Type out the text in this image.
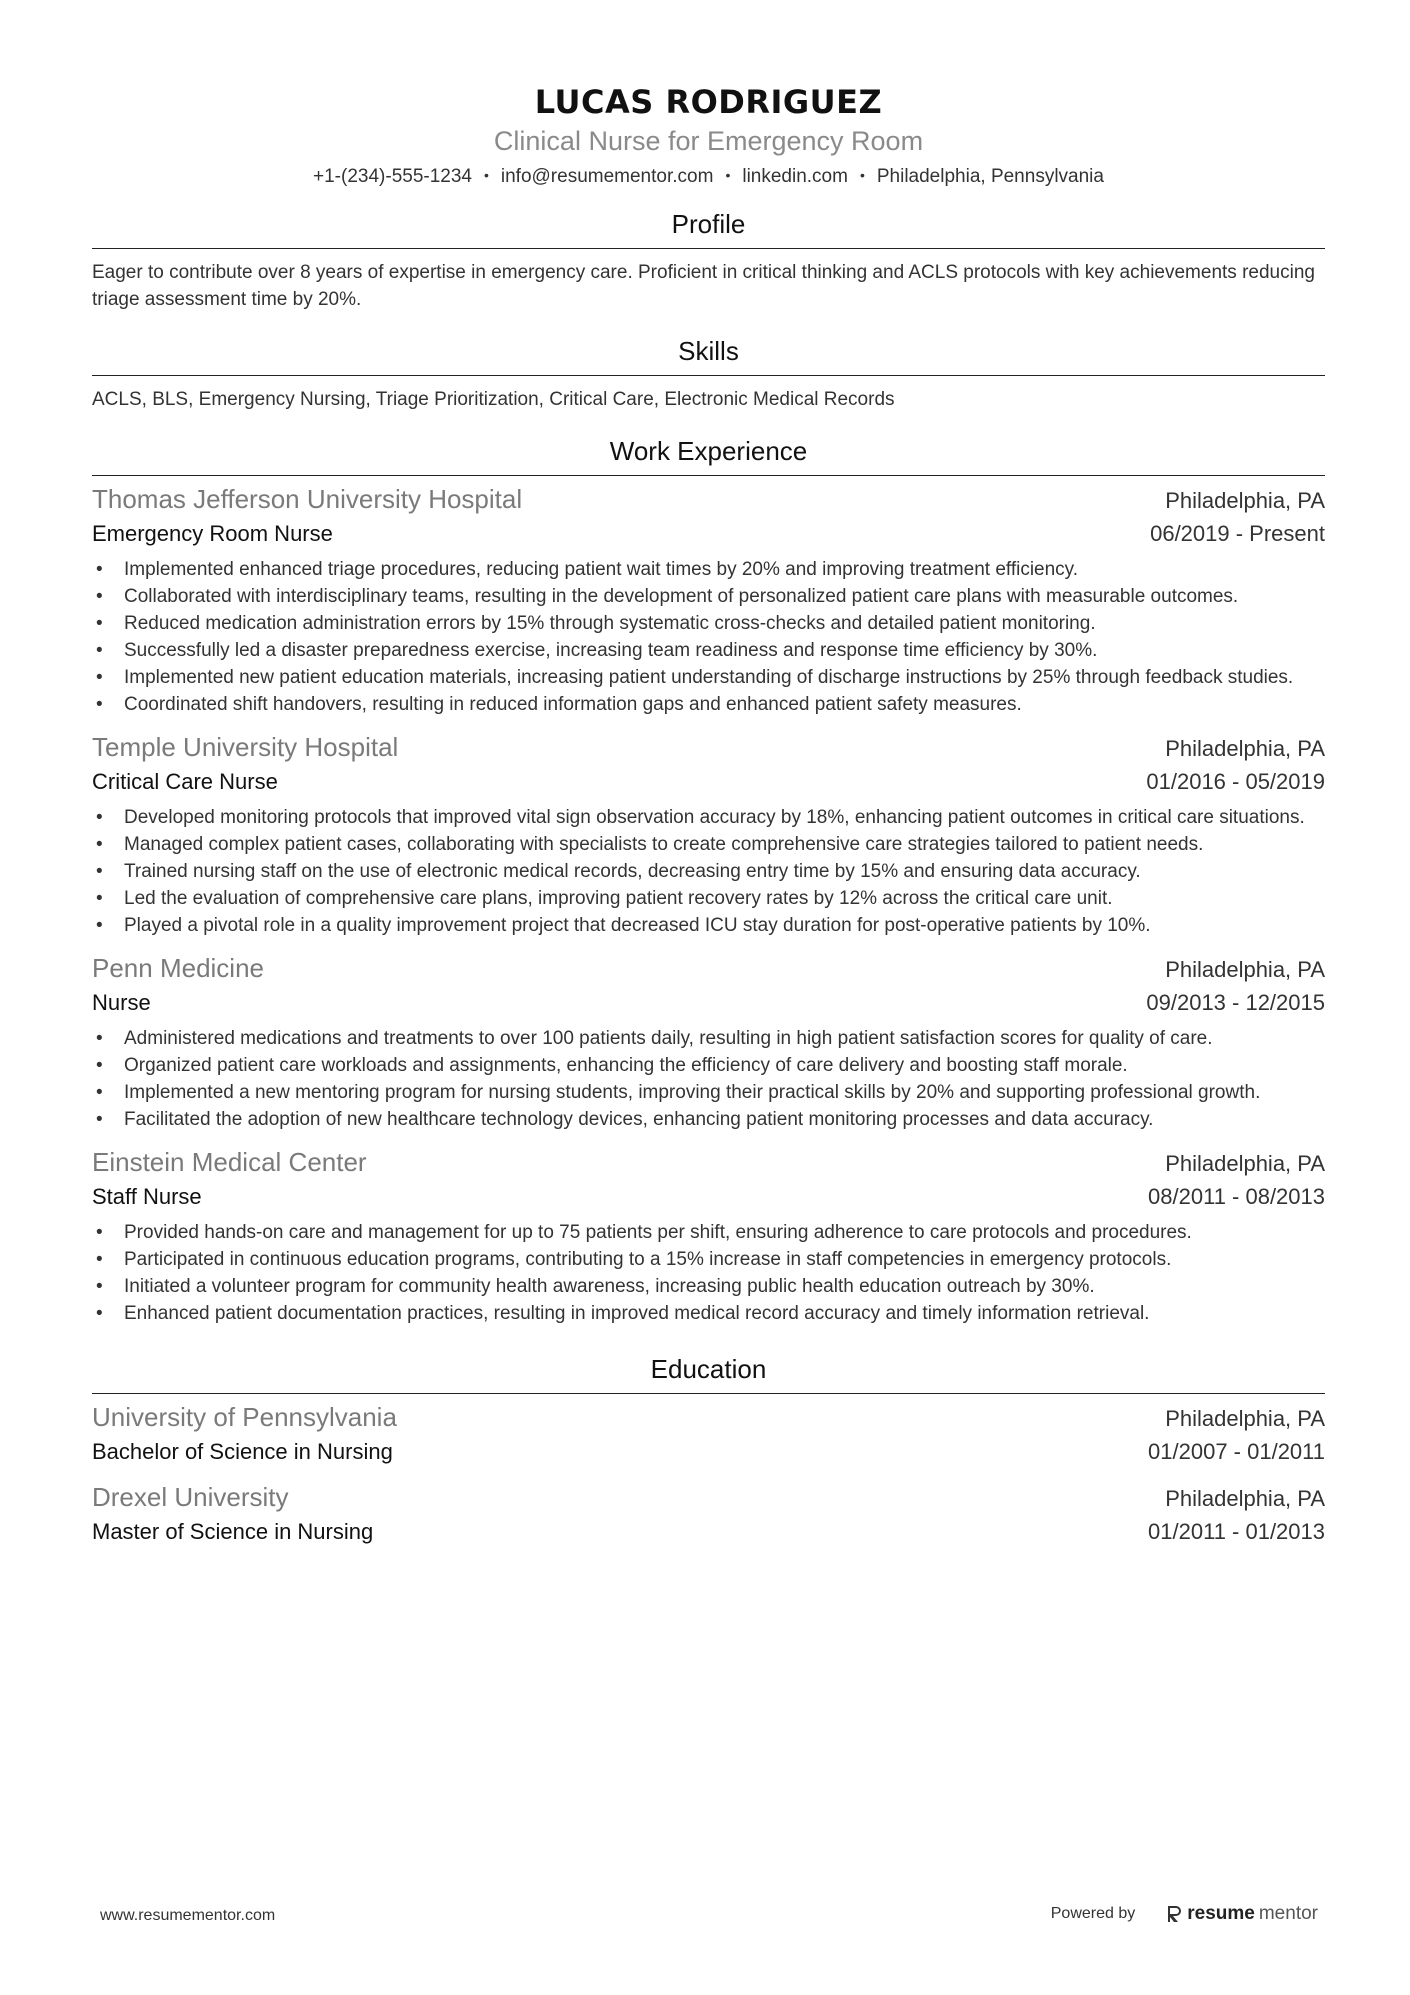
LUCAS RODRIGUEZ
Clinical Nurse for Emergency Room
+1-(234)-555-1234 • info@resumementor.com • linkedin.com • Philadelphia, Pennsylvania
Profile
Eager to contribute over 8 years of expertise in emergency care. Proficient in critical thinking and ACLS protocols with key achievements reducing triage assessment time by 20%.
Skills
ACLS, BLS, Emergency Nursing, Triage Prioritization, Critical Care, Electronic Medical Records
Work Experience
Thomas Jefferson University Hospital	Philadelphia, PA
Emergency Room Nurse	06/2019 - Present
• Implemented enhanced triage procedures, reducing patient wait times by 20% and improving treatment efficiency.
• Collaborated with interdisciplinary teams, resulting in the development of personalized patient care plans with measurable outcomes.
• Reduced medication administration errors by 15% through systematic cross-checks and detailed patient monitoring.
• Successfully led a disaster preparedness exercise, increasing team readiness and response time efficiency by 30%.
• Implemented new patient education materials, increasing patient understanding of discharge instructions by 25% through feedback studies.
• Coordinated shift handovers, resulting in reduced information gaps and enhanced patient safety measures.
Temple University Hospital	Philadelphia, PA
Critical Care Nurse	01/2016 - 05/2019
• Developed monitoring protocols that improved vital sign observation accuracy by 18%, enhancing patient outcomes in critical care situations.
• Managed complex patient cases, collaborating with specialists to create comprehensive care strategies tailored to patient needs.
• Trained nursing staff on the use of electronic medical records, decreasing entry time by 15% and ensuring data accuracy.
• Led the evaluation of comprehensive care plans, improving patient recovery rates by 12% across the critical care unit.
• Played a pivotal role in a quality improvement project that decreased ICU stay duration for post-operative patients by 10%.
Penn Medicine	Philadelphia, PA
Nurse	09/2013 - 12/2015
• Administered medications and treatments to over 100 patients daily, resulting in high patient satisfaction scores for quality of care.
• Organized patient care workloads and assignments, enhancing the efficiency of care delivery and boosting staff morale.
• Implemented a new mentoring program for nursing students, improving their practical skills by 20% and supporting professional growth.
• Facilitated the adoption of new healthcare technology devices, enhancing patient monitoring processes and data accuracy.
Einstein Medical Center	Philadelphia, PA
Staff Nurse	08/2011 - 08/2013
• Provided hands-on care and management for up to 75 patients per shift, ensuring adherence to care protocols and procedures.
• Participated in continuous education programs, contributing to a 15% increase in staff competencies in emergency protocols.
• Initiated a volunteer program for community health awareness, increasing public health education outreach by 30%.
• Enhanced patient documentation practices, resulting in improved medical record accuracy and timely information retrieval.
Education
University of Pennsylvania	Philadelphia, PA
Bachelor of Science in Nursing	01/2007 - 01/2011
Drexel University	Philadelphia, PA
Master of Science in Nursing	01/2011 - 01/2013
www.resumementor.com	Powered by	resume mentor
